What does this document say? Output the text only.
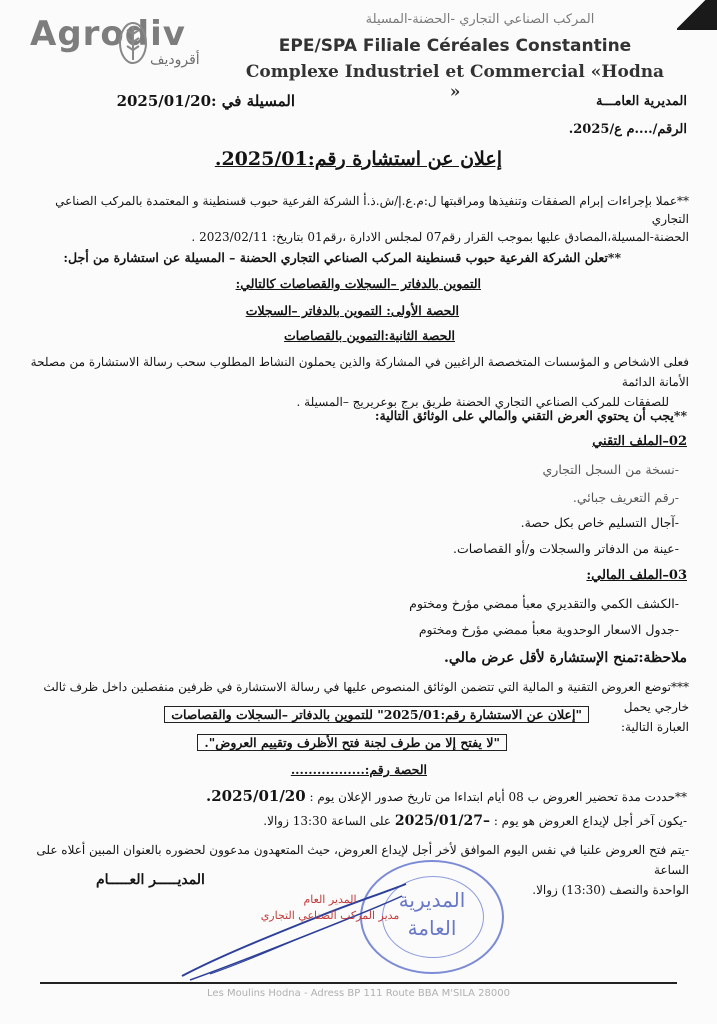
Agrodiv
أقروديف
المركب الصناعي التجاري -الحضنة-المسيلة
EPE/SPA Filiale Céréales Constantine
Complexe Industriel et Commercial «Hodna »	المديرية العامـــة
المسيلة في :2025/01/20
الرقم/....م ع/2025.
إعلان عن استشارة رقم:2025/01.
**عملا بإجراءات إبرام الصفقات وتنفيذها ومراقبتها ل:م.ع.إ/ش.ذ.أ الشركة الفرعية حبوب قسنطينة و المعتمدة بالمركب الصناعي التجاري
الحضنة-المسيلة،المصادق عليها بموجب القرار رقم07 لمجلس الادارة ،رقم01 بتاريخ: 2023/02/11 .
**تعلن الشركة الفرعية حبوب قسنطينة المركب الصناعي التجاري الحضنة – المسيلة عن استشارة من أجل:
التموين بالدفاتر –السجلات والقصاصات كالتالي:
الحصة الأولى: التموين بالدفاتر –السجلات
الحصة الثانية:التموين بالقصاصات
فعلى الاشخاص و المؤسسات المتخصصة الراغبين في المشاركة والذين يحملون النشاط المطلوب سحب رسالة الاستشارة من مصلحة الأمانة الدائمة
للصفقات للمركب الصناعي التجاري الحضنة طريق برج بوعريريج –المسيلة .
**يجب أن يحتوي العرض التقني والمالي على الوثائق التالية:
02–الملف التقني
-نسخة من السجل التجاري
-رقم التعريف جبائي.
-آجال التسليم خاص بكل حصة.
-عينة من الدفاتر والسجلات و/أو القصاصات.
03–الملف المالي:
-الكشف الكمي والتقديري معبأ ممضي مؤرخ ومختوم
-جدول الاسعار الوحدوية معبأ ممضي مؤرخ ومختوم
ملاحظة:تمنح الإستشارة لأقل عرض مالي.
***توضع العروض التقنية و المالية التي تتضمن الوثائق المنصوص عليها في رسالة الاستشارة في ظرفين منفصلين داخل ظرف ثالث خارجي يحمل
العبارة التالية:
"إعلان عن الاستشارة رقم:2025/01" للتموين بالدفاتر –السجلات والقصاصات
"لا يفتح إلا من طرف لجنة فتح الأظرف وتقييم العروض".
الحصة رقم:.................
**حددت مدة تحضير العروض ب 08 أيام ابتداءا من تاريخ صدور الإعلان يوم : 2025/01/20.
-يكون آخر أجل لإيداع العروض هو يوم : –2025/01/27 على الساعة 13:30 زوالا.
-يتم فتح العروض علنيا في نفس اليوم الموافق لأخر أجل لإيداع العروض، حيث المتعهدون مدعوون لحضوره بالعنوان المبين أعلاه على الساعة
الواحدة والنصف (13:30) زوالا.
المديـــــر العـــــام
المديرية
العامة
المدير العام
مدير المركب الصناعي التجاري
Les Moulins Hodna - Adress BP 111 Route BBA M'SILA 28000
